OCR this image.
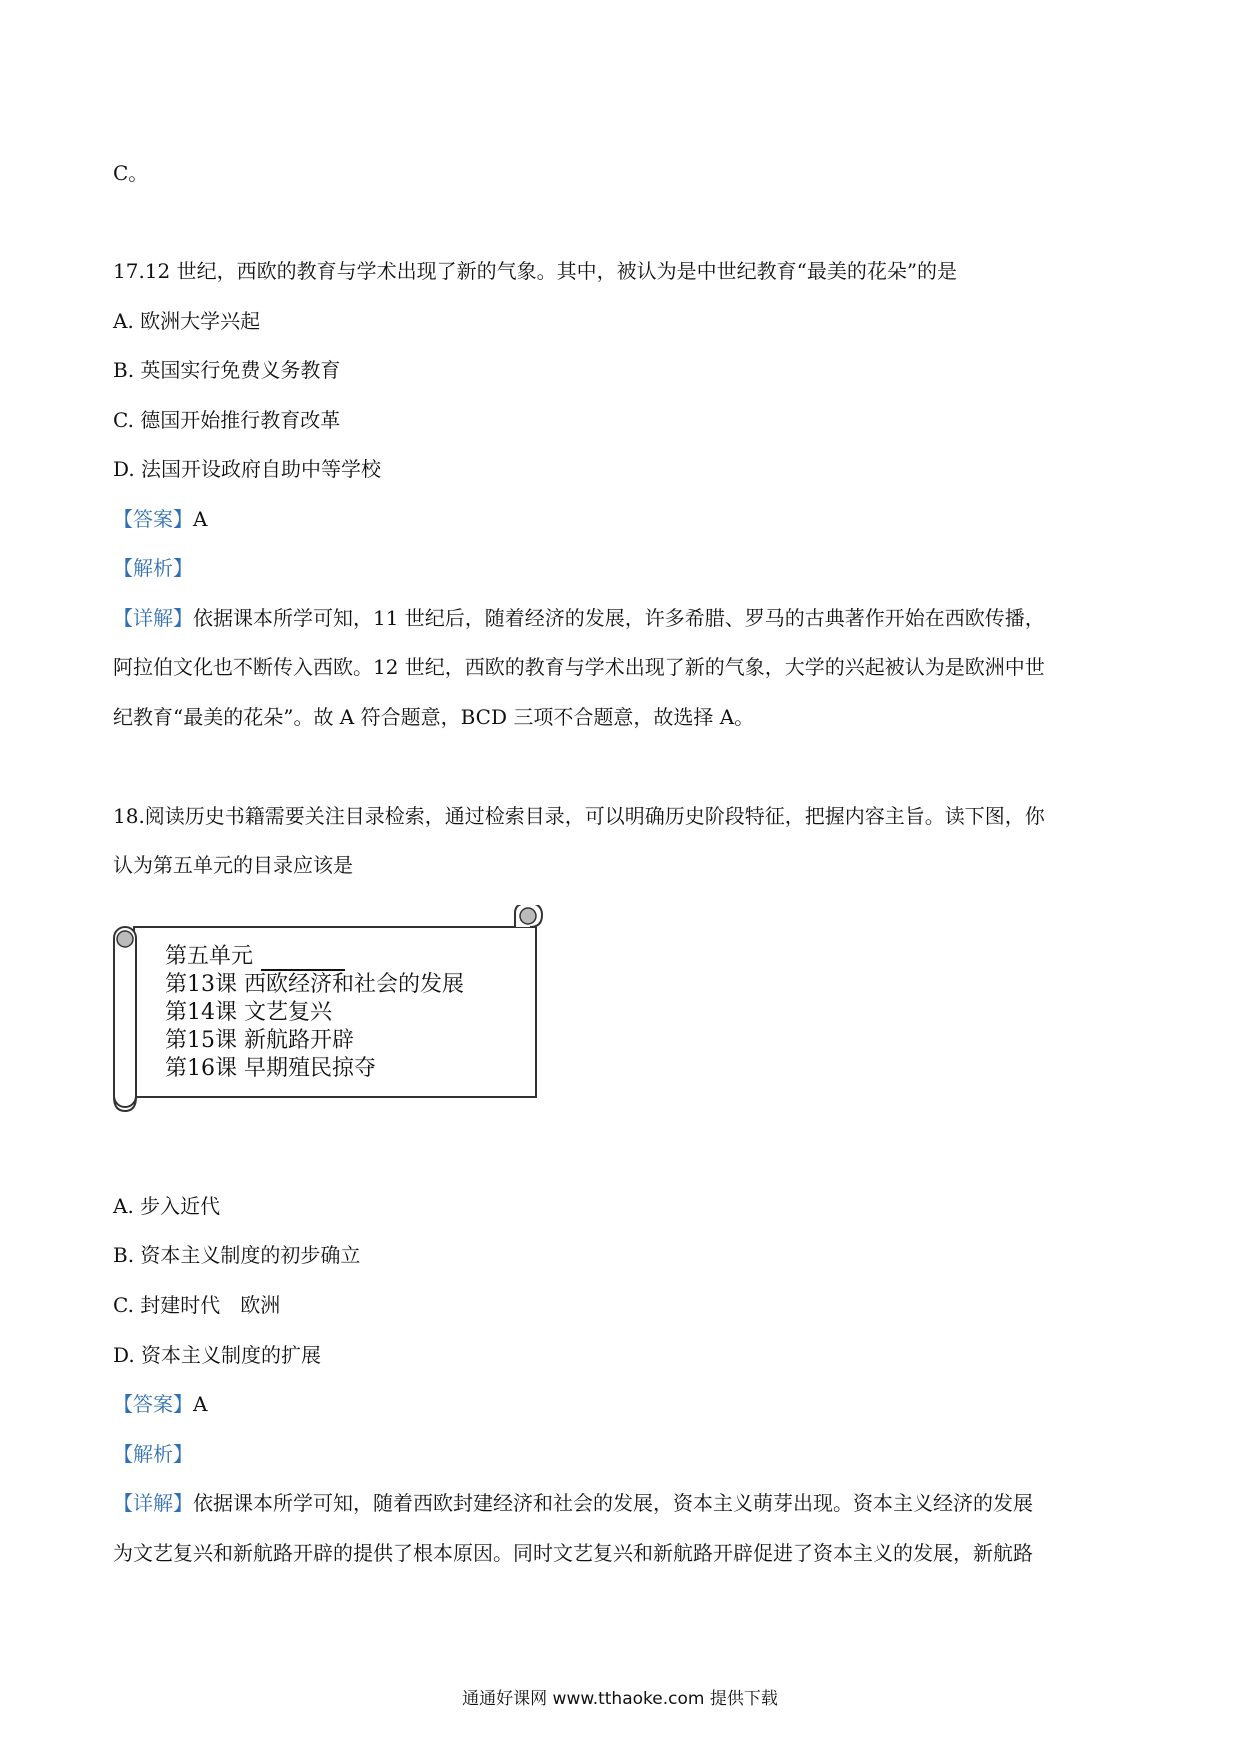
C。
17.12 世纪，西欧的教育与学术出现了新的气象。其中，被认为是中世纪教育“最美的花朵”的是
A. 欧洲大学兴起
B. 英国实行免费义务教育
C. 德国开始推行教育改革
D. 法国开设政府自助中等学校
【答案】A
【解析】
【详解】依据课本所学可知，11 世纪后，随着经济的发展，许多希腊、罗马的古典著作开始在西欧传播，
阿拉伯文化也不断传入西欧。12 世纪，西欧的教育与学术出现了新的气象，大学的兴起被认为是欧洲中世
纪教育“最美的花朵”。故 A 符合题意，BCD 三项不合题意，故选择 A。
18.阅读历史书籍需要关注目录检索，通过检索目录，可以明确历史阶段特征，把握内容主旨。读下图，你
认为第五单元的目录应该是
第五单元
第13课 西欧经济和社会的发展
第14课 文艺复兴
第15课 新航路开辟
第16课 早期殖民掠夺
A. 步入近代
B. 资本主义制度的初步确立
C. 封建时代　欧洲
D. 资本主义制度的扩展
【答案】A
【解析】
【详解】依据课本所学可知，随着西欧封建经济和社会的发展，资本主义萌芽出现。资本主义经济的发展
为文艺复兴和新航路开辟的提供了根本原因。同时文艺复兴和新航路开辟促进了资本主义的发展，新航路
通通好课网 www.tthaoke.com 提供下载
